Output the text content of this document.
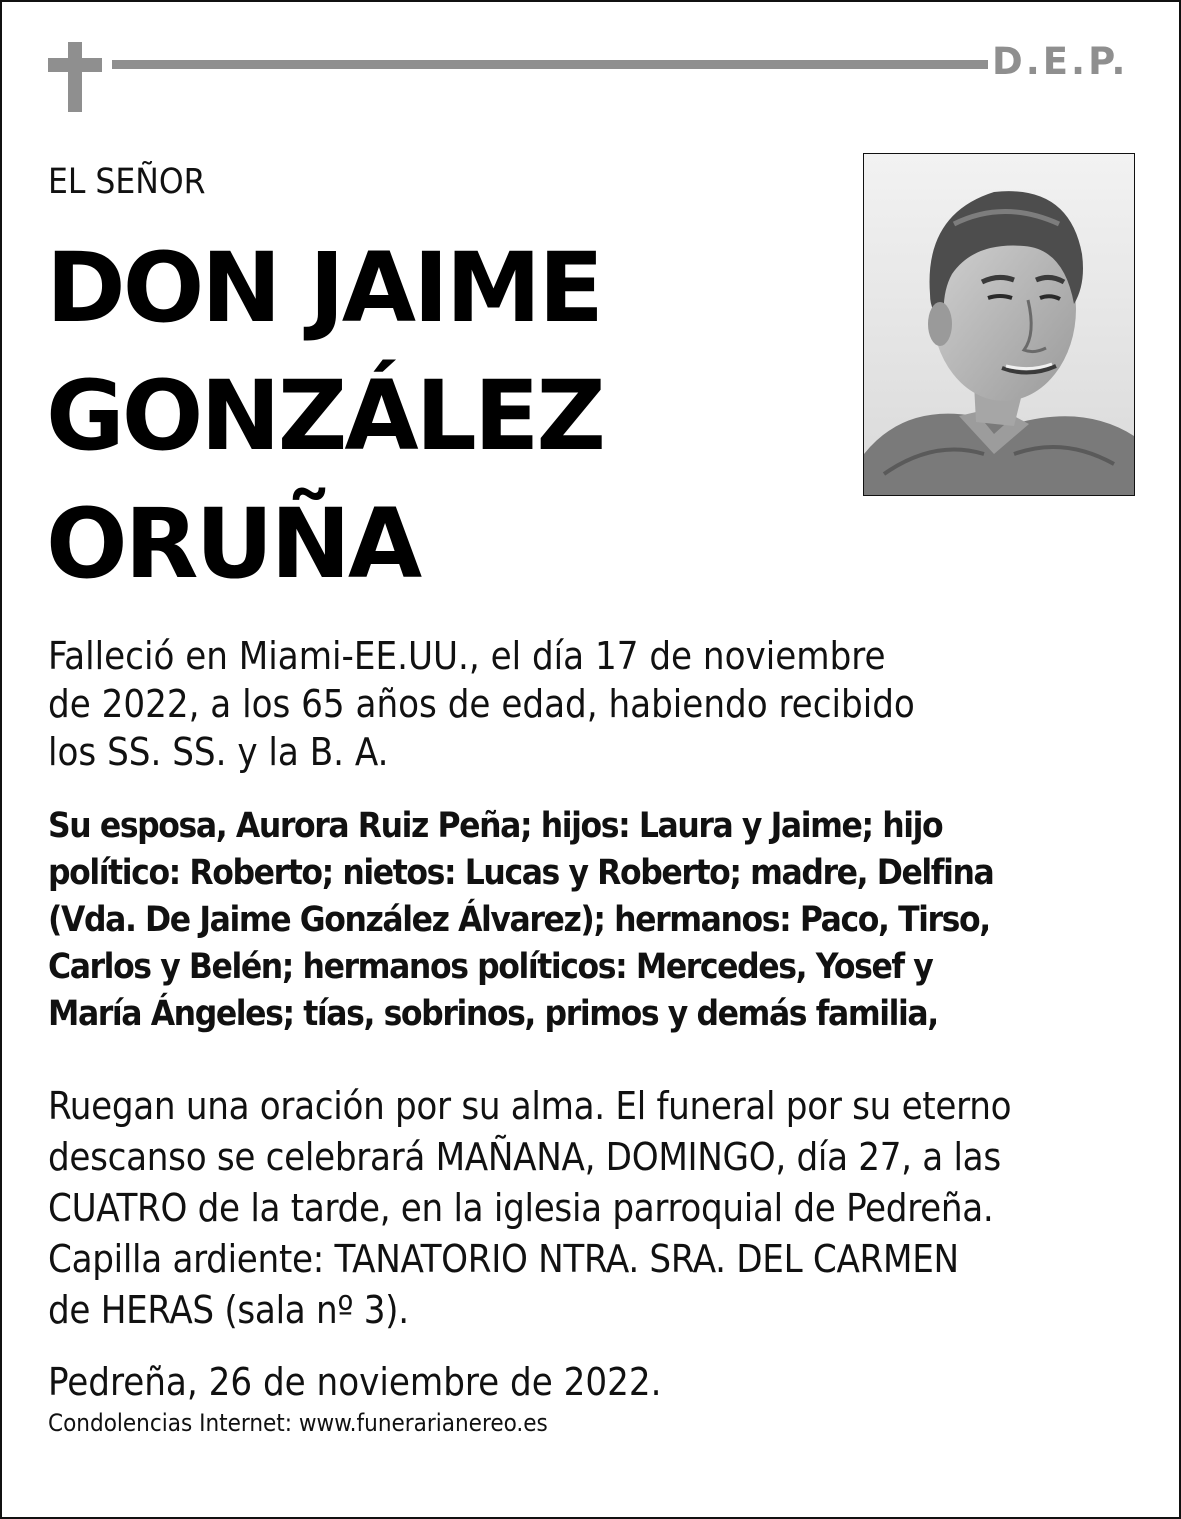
D.E.P.
EL SEÑOR
DON JAIME
GONZÁLEZ
ORUÑA

Falleció en Miami-EE.UU., el día 17 de noviembre
de 2022, a los 65 años de edad, habiendo recibido
los SS. SS. y la B. A.

Su esposa, Aurora Ruiz Peña; hijos: Laura y Jaime; hijo
político: Roberto; nietos: Lucas y Roberto; madre, Delfina
(Vda. De Jaime González Álvarez); hermanos: Paco, Tirso,
Carlos y Belén; hermanos políticos: Mercedes, Yosef y
María Ángeles; tías, sobrinos, primos y demás familia,

Ruegan una oración por su alma. El funeral por su eterno
descanso se celebrará MAÑANA, DOMINGO, día 27, a las
CUATRO de la tarde, en la iglesia parroquial de Pedreña.
Capilla ardiente: TANATORIO NTRA. SRA. DEL CARMEN
de HERAS (sala nº 3).

Pedreña, 26 de noviembre de 2022.

Condolencias Internet: www.funerarianereo.es
